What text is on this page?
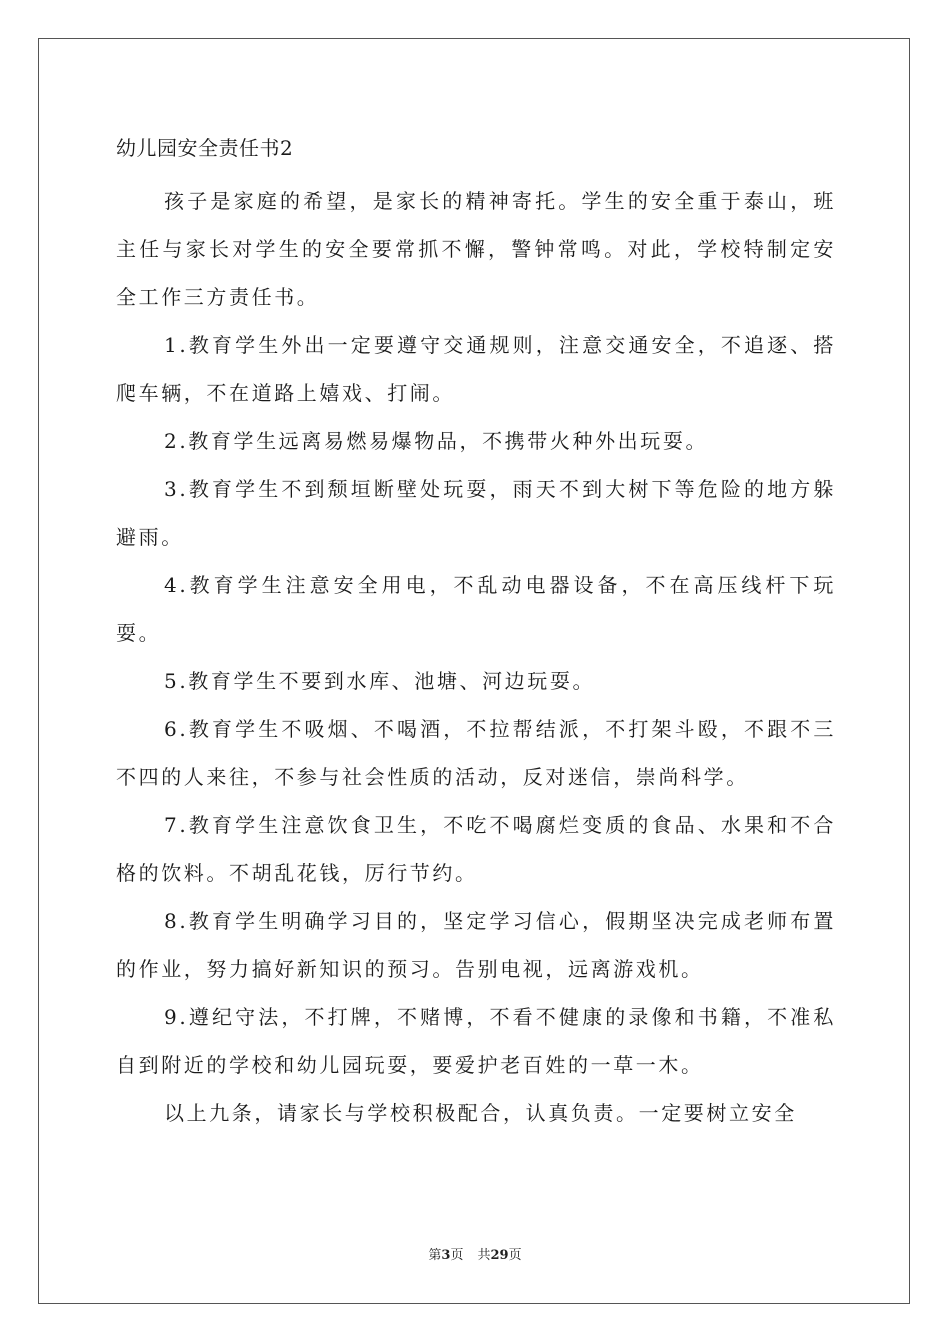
幼儿园安全责任书2

孩子是家庭的希望，是家长的精神寄托。学生的安全重于泰山，班主任与家长对学生的安全要常抓不懈，警钟常鸣。对此，学校特制定安全工作三方责任书。

1.教育学生外出一定要遵守交通规则，注意交通安全，不追逐、搭爬车辆，不在道路上嬉戏、打闹。

2.教育学生远离易燃易爆物品，不携带火种外出玩耍。

3.教育学生不到颓垣断壁处玩耍，雨天不到大树下等危险的地方躲避雨。

4.教育学生注意安全用电，不乱动电器设备，不在高压线杆下玩耍。

5.教育学生不要到水库、池塘、河边玩耍。

6.教育学生不吸烟、不喝酒，不拉帮结派，不打架斗殴，不跟不三不四的人来往，不参与社会性质的活动，反对迷信，崇尚科学。

7.教育学生注意饮食卫生，不吃不喝腐烂变质的食品、水果和不合格的饮料。不胡乱花钱，厉行节约。

8.教育学生明确学习目的，坚定学习信心，假期坚决完成老师布置的作业，努力搞好新知识的预习。告别电视，远离游戏机。

9.遵纪守法，不打牌，不赌博，不看不健康的录像和书籍，不准私自到附近的学校和幼儿园玩耍，要爱护老百姓的一草一木。

以上九条，请家长与学校积极配合，认真负责。一定要树立安全

第3页 共29页
